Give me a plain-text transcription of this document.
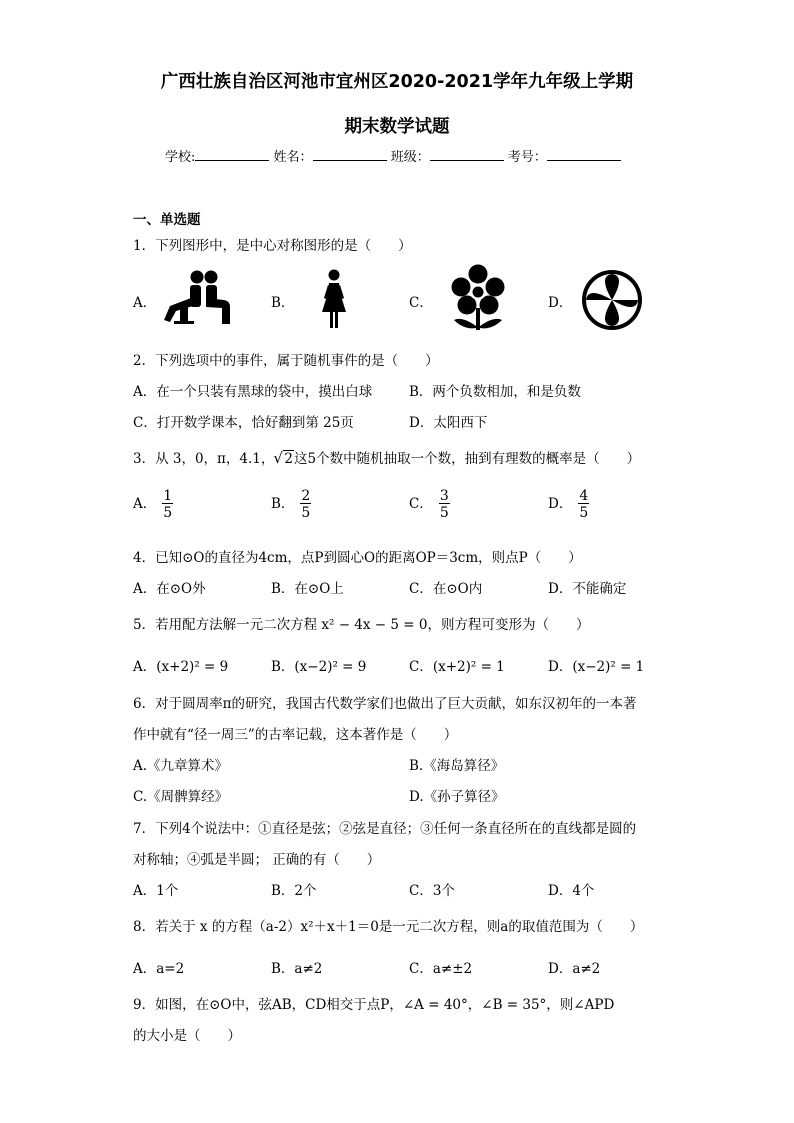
广西壮族自治区河池市宜州区2020-2021学年九年级上学期
期末数学试题
学校:	姓名：	班级：	考号：
一、单选题
1．下列图形中，是中心对称图形的是（　　）
A．	B．	C．	D．
2．下列选项中的事件，属于随机事件的是（　　）
A．在一个只装有黑球的袋中，摸出白球	B．两个负数相加，和是负数
C．打开数学课本，恰好翻到第 25页	D．太阳西下
3．从 3，0，π，4.1，√ 2这5个数中随机抽取一个数，抽到有理数的概率是（　　）
A． $\frac{1}{5}$	B． $\frac{2}{5}$	C． $\frac{3}{5}$	D． $\frac{4}{5}$
4．已知⊙O的直径为4cm，点P到圆心O的距离OP＝3cm，则点P（　　）
A．在⊙O外	B．在⊙O上	C．在⊙O内	D．不能确定
5．若用配方法解一元二次方程 x² − 4x − 5 = 0，则方程可变形为（　　）
A．(x+2)² = 9	B．(x−2)² = 9	C．(x+2)² = 1	D．(x−2)² = 1
6．对于圆周率π的研究，我国古代数学家们也做出了巨大贡献，如东汉初年的一本著
作中就有“径一周三”的古率记载，这本著作是（　　）
A.《九章算术》	B.《海岛算径》
C.《周髀算经》	D.《孙子算径》
7．下列4个说法中：①直径是弦；②弦是直径；③任何一条直径所在的直线都是圆的
对称轴；④弧是半圆； 正确的有（　　）
A．1个	B．2个	C．3个	D．4个
8．若关于 x 的方程（a-2）x²＋x＋1＝0是一元二次方程，则a的取值范围为（　　）
A．a=2	B．a≠2	C．a≠±2	D．a≠2
9．如图，在⊙O中，弦AB，CD相交于点P，∠A = 40°，∠B = 35°，则∠APD
的大小是（　　）
